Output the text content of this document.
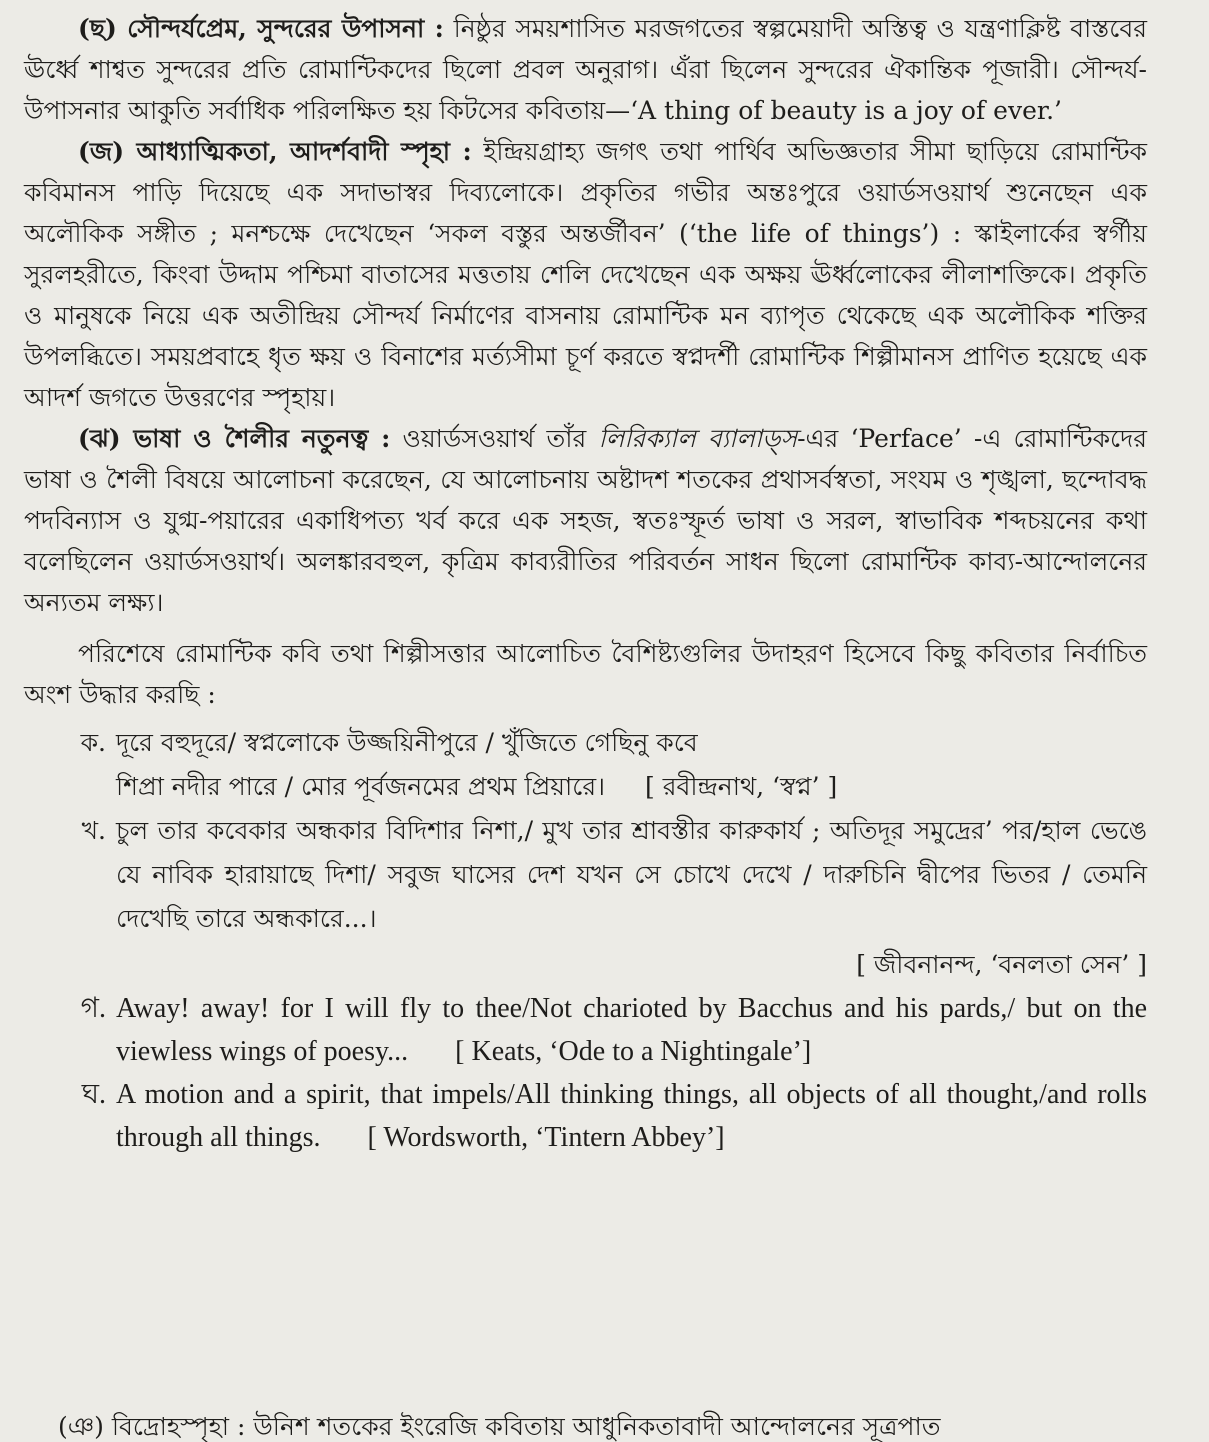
(ছ) সৌন্দর্যপ্রেম, সুন্দরের উপাসনা : নিষ্ঠুর সময়শাসিত মরজগতের স্বল্পমেয়াদী অস্তিত্ব ও যন্ত্রণাক্লিষ্ট বাস্তবের ঊর্ধ্বে শাশ্বত সুন্দরের প্রতি রোমান্টিকদের ছিলো প্রবল অনুরাগ। এঁরা ছিলেন সুন্দরের ঐকান্তিক পূজারী। সৌন্দর্য-উপাসনার আকুতি সর্বাধিক পরিলক্ষিত হয় কিটসের কবিতায়—‘A thing of beauty is a joy of ever.’

(জ) আধ্যাত্মিকতা, আদর্শবাদী স্পৃহা : ইন্দ্রিয়গ্রাহ্য জগৎ তথা পার্থিব অভিজ্ঞতার সীমা ছাড়িয়ে রোমান্টিক কবিমানস পাড়ি দিয়েছে এক সদাভাস্বর দিব্যলোকে। প্রকৃতির গভীর অন্তঃপুরে ওয়ার্ডসওয়ার্থ শুনেছেন এক অলৌকিক সঙ্গীত ; মনশ্চক্ষে দেখেছেন ‘সকল বস্তুর অন্তর্জীবন’ (‘the life of things’) : স্কাইলার্কের স্বর্গীয় সুরলহরীতে, কিংবা উদ্দাম পশ্চিমা বাতাসের মত্ততায় শেলি দেখেছেন এক অক্ষয় ঊর্ধ্বলোকের লীলাশক্তিকে। প্রকৃতি ও মানুষকে নিয়ে এক অতীন্দ্রিয় সৌন্দর্য নির্মাণের বাসনায় রোমান্টিক মন ব্যাপৃত থেকেছে এক অলৌকিক শক্তির উপলব্ধিতে। সময়প্রবাহে ধৃত ক্ষয় ও বিনাশের মর্ত্যসীমা চূর্ণ করতে স্বপ্নদর্শী রোমান্টিক শিল্পীমানস প্রাণিত হয়েছে এক আদর্শ জগতে উত্তরণের স্পৃহায়।

(ঝ) ভাষা ও শৈলীর নতুনত্ব : ওয়ার্ডসওয়ার্থ তাঁর লিরিক্যাল ব্যালাড্‌স-এর ‘Perface’ -এ রোমান্টিকদের ভাষা ও শৈলী বিষয়ে আলোচনা করেছেন, যে আলোচনায় অষ্টাদশ শতকের প্রথাসর্বস্বতা, সংযম ও শৃঙ্খলা, ছন্দোবদ্ধ পদবিন্যাস ও যুগ্ম-পয়ারের একাধিপত্য খর্ব করে এক সহজ, স্বতঃস্ফূর্ত ভাষা ও সরল, স্বাভাবিক শব্দচয়নের কথা বলেছিলেন ওয়ার্ডসওয়ার্থ। অলঙ্কারবহুল, কৃত্রিম কাব্যরীতির পরিবর্তন সাধন ছিলো রোমান্টিক কাব্য-আন্দোলনের অন্যতম লক্ষ্য।

পরিশেষে রোমান্টিক কবি তথা শিল্পীসত্তার আলোচিত বৈশিষ্ট্যগুলির উদাহরণ হিসেবে কিছু কবিতার নির্বাচিত অংশ উদ্ধার করছি :

ক. দূরে বহুদূরে/ স্বপ্নলোকে উজ্জয়িনীপুরে / খুঁজিতে গেছিনু কবে
শিপ্রা নদীর পারে / মোর পূর্বজনমের প্রথম প্রিয়ারে। [ রবীন্দ্রনাথ, ‘স্বপ্ন’ ]
খ. চুল তার কবেকার অন্ধকার বিদিশার নিশা,/ মুখ তার শ্রাবস্তীর কারুকার্য ; অতিদূর সমুদ্রের’ পর/হাল ভেঙে যে নাবিক হারায়াছে দিশা/ সবুজ ঘাসের দেশ যখন সে চোখে দেখে / দারুচিনি দ্বীপের ভিতর / তেমনি দেখেছি তারে অন্ধকারে...।
[ জীবনানন্দ, ‘বনলতা সেন’ ]
গ. Away! away! for I will fly to thee/Not charioted by Bacchus and his pards,/ but on the viewless wings of poesy... [ Keats, ‘Ode to a Nightingale’]
ঘ. A motion and a spirit, that impels/All thinking things, all objects of all thought,/and rolls through all things. [ Wordsworth, ‘Tintern Abbey’]
(ঞ) বিদ্রোহস্পৃহা : উনিশ শতকের ইংরেজি কবিতায় আধুনিকতাবাদী আন্দোলনের সূত্রপাত
